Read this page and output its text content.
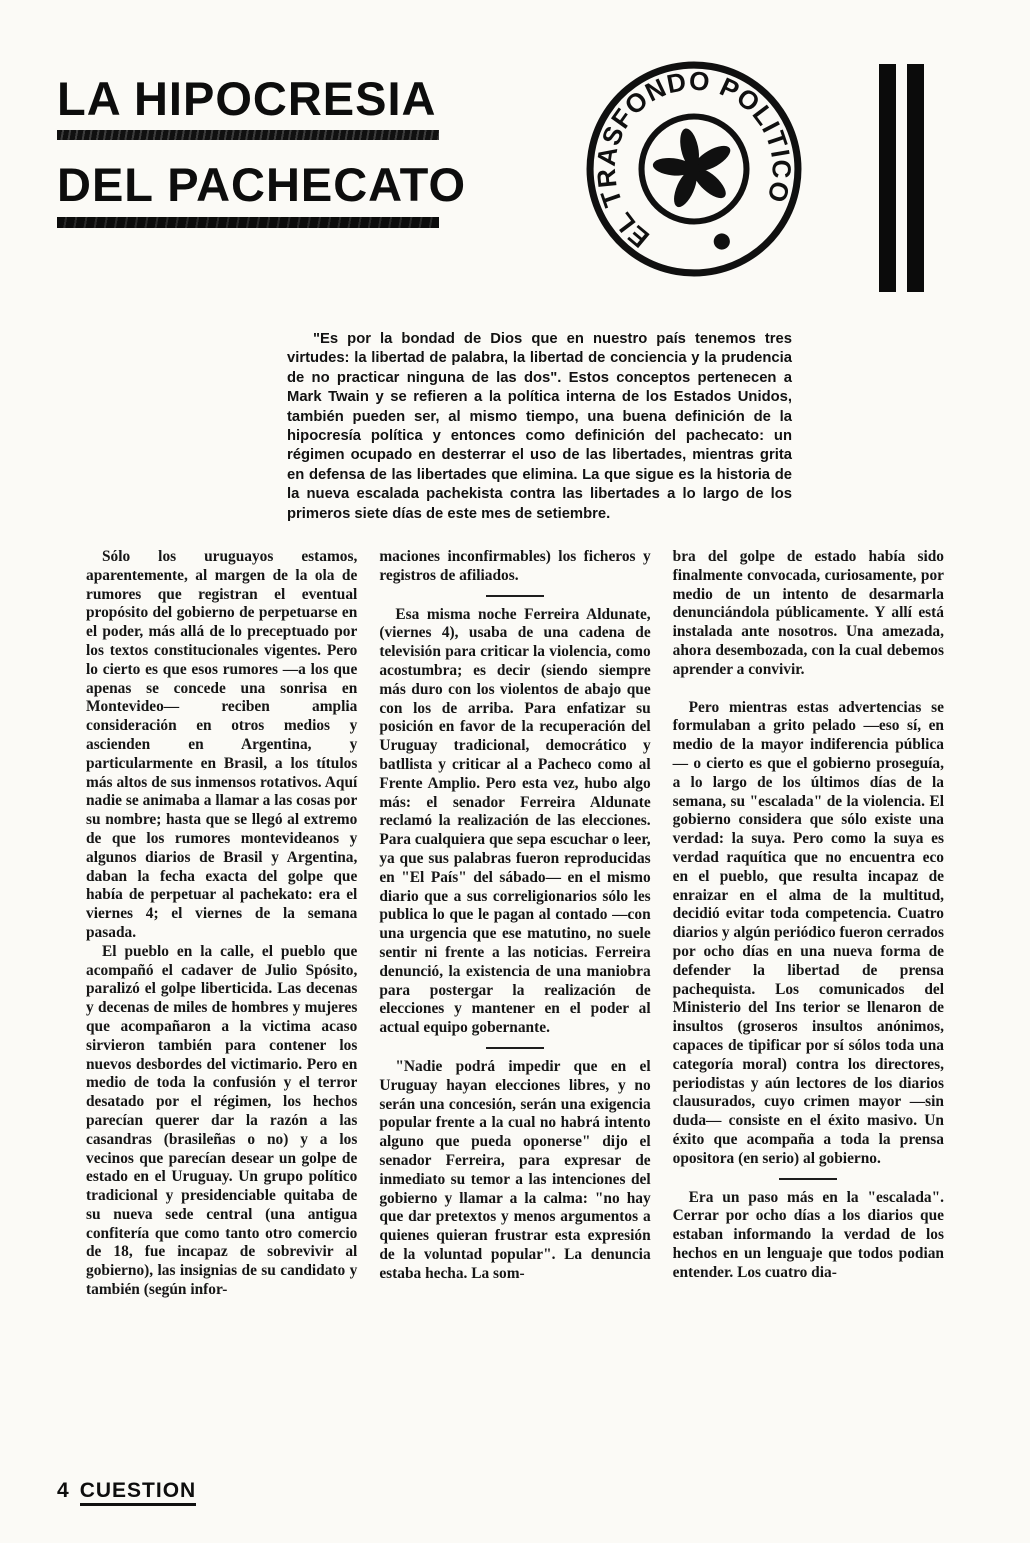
LA HIPOCRESIA
DEL PACHECATO
EL TRASFONDO POLITICO
"Es por la bondad de Dios que en nuestro país tenemos tres virtudes: la libertad de palabra, la libertad de conciencia y la prudencia de no practicar ninguna de las dos". Estos conceptos pertenecen a Mark Twain y se refieren a la política interna de los Estados Unidos, también pueden ser, al mismo tiempo, una buena definición de la hipocresía política y entonces como definición del pachecato: un régimen ocupado en desterrar el uso de las libertades, mientras grita en defensa de las libertades que elimina. La que sigue es la historia de la nueva escalada pachekista contra las libertades a lo largo de los primeros siete días de este mes de setiembre.

Sólo los uruguayos estamos, aparentemente, al margen de la ola de rumores que registran el eventual propósito del gobierno de perpetuarse en el poder, más allá de lo preceptuado por los textos constitucionales vigentes. Pero lo cierto es que esos rumores —a los que apenas se concede una sonrisa en Montevideo— reciben amplia consideración en otros medios y ascienden en Argentina, y particularmente en Brasil, a los títulos más altos de sus inmensos rotativos. Aquí nadie se animaba a llamar a las cosas por su nombre; hasta que se llegó al extremo de que los rumores montevideanos y algunos diarios de Brasil y Argentina, daban la fecha exacta del golpe que había de perpetuar al pachekato: era el viernes 4; el viernes de la semana pasada.

El pueblo en la calle, el pueblo que acompañó el cadaver de Julio Spósito, paralizó el golpe liberticida. Las decenas y decenas de miles de hombres y mujeres que acompañaron a la victima acaso sirvieron también para contener los nuevos desbordes del victimario. Pero en medio de toda la confusión y el terror desatado por el régimen, los hechos parecían querer dar la razón a las casandras (brasileñas o no) y a los vecinos que parecían desear un golpe de estado en el Uruguay. Un grupo político tradicional y presidenciable quitaba de su nueva sede central (una antigua confitería que como tanto otro comercio de 18, fue incapaz de sobrevivir al gobierno), las insignias de su candidato y también (según infor-

maciones inconfirmables) los ficheros y registros de afiliados.

Esa misma noche Ferreira Aldunate, (viernes 4), usaba de una cadena de televisión para criticar la violencia, como acostumbra; es decir (siendo siempre más duro con los violentos de abajo que con los de arriba. Para enfatizar su posición en favor de la recuperación del Uruguay tradicional, democrático y batllista y criticar al a Pacheco como al Frente Amplio. Pero esta vez, hubo algo más: el senador Ferreira Aldunate reclamó la realización de las elecciones. Para cualquiera que sepa escuchar o leer, ya que sus palabras fueron reproducidas en "El País" del sábado— en el mismo diario que a sus correligionarios sólo les publica lo que le pagan al contado —con una urgencia que ese matutino, no suele sentir ni frente a las noticias. Ferreira denunció, la existencia de una maniobra para postergar la realización de elecciones y mantener en el poder al actual equipo gobernante.

"Nadie podrá impedir que en el Uruguay hayan elecciones libres, y no serán una concesión, serán una exigencia popular frente a la cual no habrá intento alguno que pueda oponerse" dijo el senador Ferreira, para expresar de inmediato su temor a las intenciones del gobierno y llamar a la calma: "no hay que dar pretextos y menos argumentos a quienes quieran frustrar esta expresión de la voluntad popular". La denuncia estaba hecha. La som-

bra del golpe de estado había sido finalmente convocada, curiosamente, por medio de un intento de desarmarla denunciándola públicamente. Y allí está instalada ante nosotros. Una amezada, ahora desembozada, con la cual debemos aprender a convivir.

Pero mientras estas advertencias se formulaban a grito pelado —eso sí, en medio de la mayor indiferencia pública — o cierto es que el gobierno proseguía, a lo largo de los últimos días de la semana, su "escalada" de la violencia. El gobierno considera que sólo existe una verdad: la suya. Pero como la suya es verdad raquítica que no encuentra eco en el pueblo, que resulta incapaz de enraizar en el alma de la multitud, decidió evitar toda competencia. Cuatro diarios y algún periódico fueron cerrados por ocho días en una nueva forma de defender la libertad de prensa pachequista. Los comunicados del Ministerio del Ins terior se llenaron de insultos (groseros insultos anónimos, capaces de tipificar por sí sólos toda una categoría moral) contra los directores, periodistas y aún lectores de los diarios clausurados, cuyo crimen mayor —sin duda— consiste en el éxito masivo. Un éxito que acompaña a toda la prensa opositora (en serio) al gobierno.

Era un paso más en la "escalada". Cerrar por ocho días a los diarios que estaban informando la verdad de los hechos en un lenguaje que todos podian entender. Los cuatro dia-

4 CUESTION
